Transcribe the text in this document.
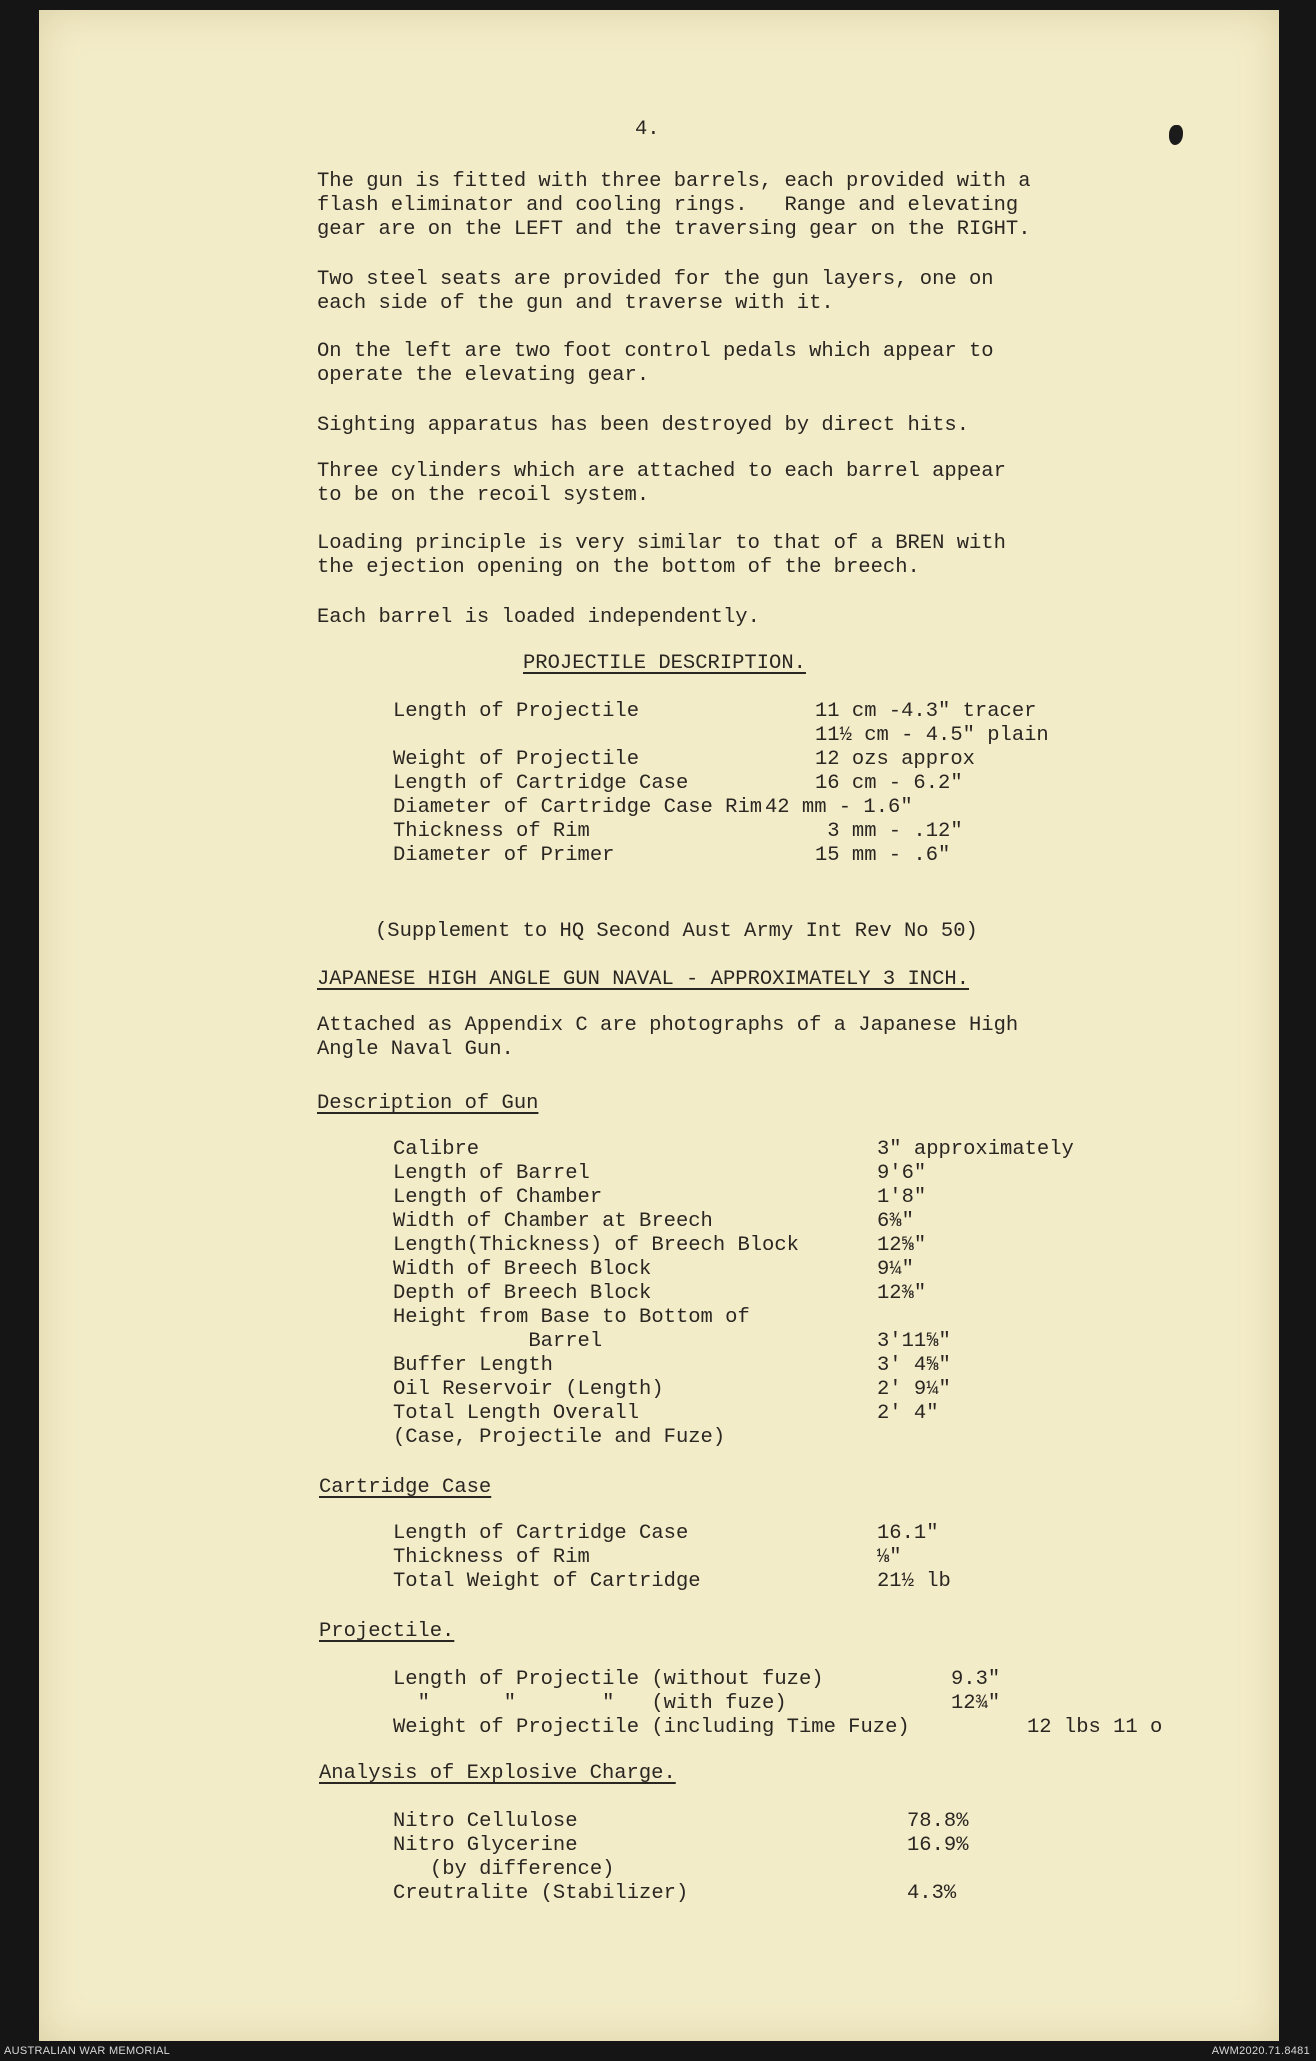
4.
The gun is fitted with three barrels, each provided with a
flash eliminator and cooling rings.   Range and elevating
gear are on the LEFT and the traversing gear on the RIGHT.
Two steel seats are provided for the gun layers, one on
each side of the gun and traverse with it.
On the left are two foot control pedals which appear to
operate the elevating gear.
Sighting apparatus has been destroyed by direct hits.
Three cylinders which are attached to each barrel appear
to be on the recoil system.
Loading principle is very similar to that of a BREN with
the ejection opening on the bottom of the breech.
Each barrel is loaded independently.
PROJECTILE DESCRIPTION.
Length of Projectile	11 cm -4.3" tracer
11½ cm - 4.5" plain
Weight of Projectile	12 ozs approx
Length of Cartridge Case	16 cm - 6.2"
Diameter of Cartridge Case Rim 42 mm - 1.6"
Thickness of Rim	3 mm - .12"
Diameter of Primer	15 mm - .6"
(Supplement to HQ Second Aust Army Int Rev No 50)
JAPANESE HIGH ANGLE GUN NAVAL - APPROXIMATELY 3 INCH.
Attached as Appendix C are photographs of a Japanese High
Angle Naval Gun.
Description of Gun
Calibre	3" approximately
Length of Barrel	9'6"
Length of Chamber	1'8"
Width of Chamber at Breech	6⅜"
Length(Thickness) of Breech Block	12⅝"
Width of Breech Block	9¼"
Depth of Breech Block	12⅜"
Height from Base to Bottom of
Barrel	3'11⅝"
Buffer Length	3' 4⅝"
Oil Reservoir (Length)	2' 9¼"
Total Length Overall	2' 4"
(Case, Projectile and Fuze)
Cartridge Case
Length of Cartridge Case	16.1"
Thickness of Rim	⅛"
Total Weight of Cartridge	21½ lb
Projectile.
Length of Projectile (without fuze)	9.3"
"      "       "   (with fuze)	12¾"
Weight of Projectile (including Time Fuze)	12 lbs 11 o
Analysis of Explosive Charge.
Nitro Cellulose	78.8%
Nitro Glycerine	16.9%
(by difference)
Creutralite (Stabilizer)	4.3%
AUSTRALIAN WAR MEMORIAL	AWM2020.71.8481
